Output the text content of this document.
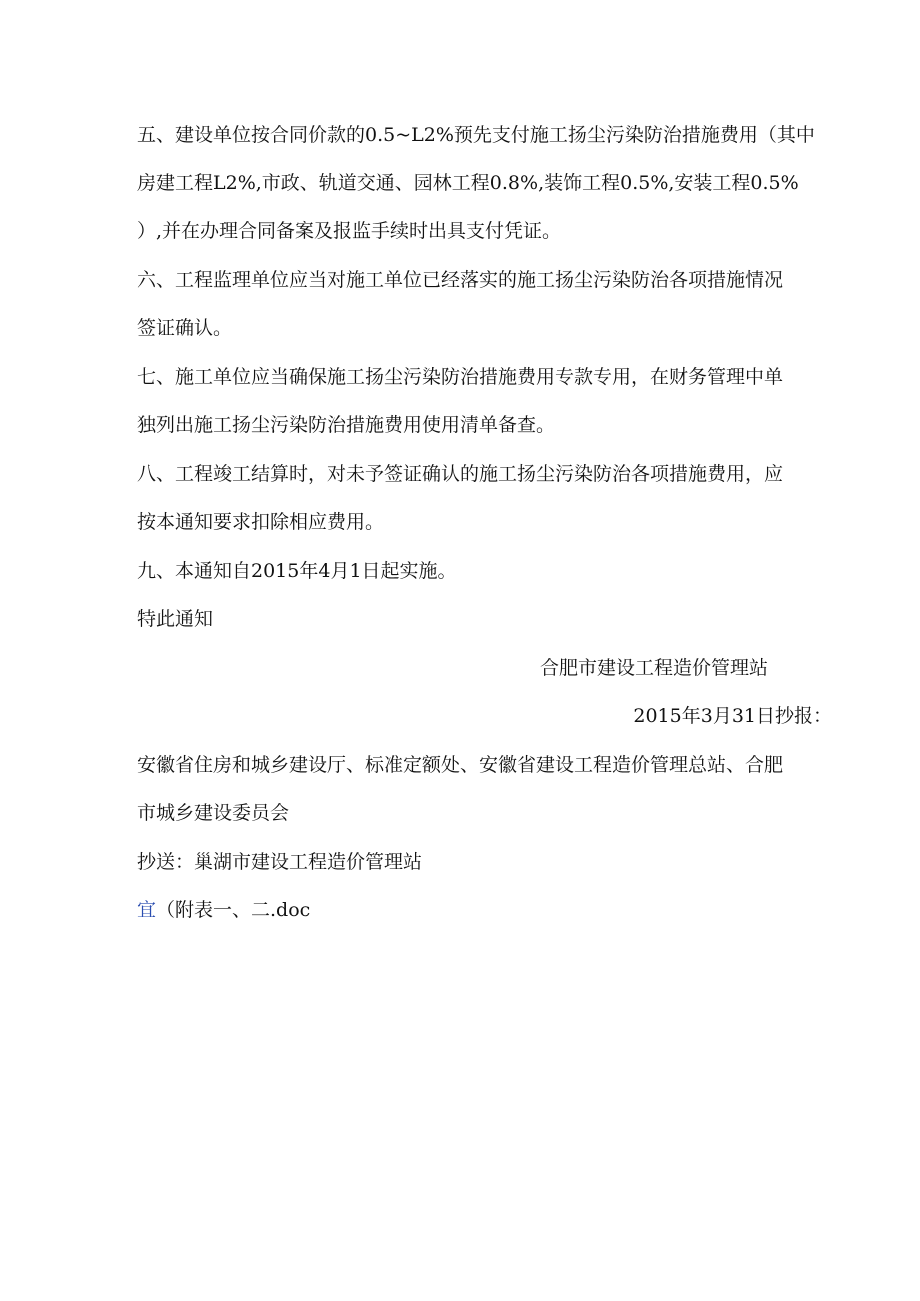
五、建设单位按合同价款的0.5~L2%预先支付施工扬尘污染防治措施费用（其中
房建工程L2%,市政、轨道交通、园林工程0.8%,装饰工程0.5%,安装工程0.5%
）,并在办理合同备案及报监手续时出具支付凭证。
六、工程监理单位应当对施工单位已经落实的施工扬尘污染防治各项措施情况
签证确认。
七、施工单位应当确保施工扬尘污染防治措施费用专款专用，在财务管理中单
独列出施工扬尘污染防治措施费用使用清单备查。
八、工程竣工结算时，对未予签证确认的施工扬尘污染防治各项措施费用，应
按本通知要求扣除相应费用。
九、本通知自2015年4月1日起实施。
特此通知
合肥市建设工程造价管理站
2015年3月31日抄报：
安徽省住房和城乡建设厅、标准定额处、安徽省建设工程造价管理总站、合肥
市城乡建设委员会
抄送：巢湖市建设工程造价管理站
宜（附表一、二.doc
